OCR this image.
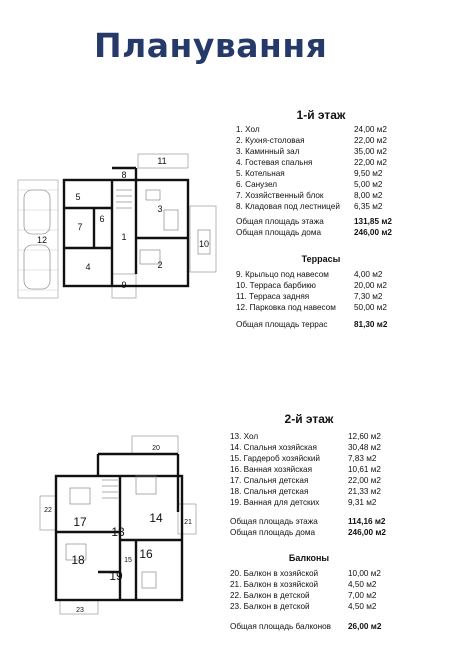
Планування
1
2
3
4
5
6
7
8
9
10
11
12
1-й этаж
1. Хол	24,00 м2
2. Кухня-столовая	22,00 м2
3. Каминный зал	35,00 м2
4. Гостевая спальня	22,00 м2
5. Котельная	9,50 м2
6. Санузел	5,00 м2
7. Хозяйственный блок	8,00 м2
8. Кладовая под лестницей	6,35 м2
Общая площадь этажа	131,85 м2
Общая площадь дома	246,00 м2
Террасы
9. Крыльцо под навесом	4,00 м2
10. Терраса барбикю	20,00 м2
11. Терраса задняя	7,30 м2
12. Парковка под навесом	50,00 м2
Общая площадь террас	81,30 м2
13
14
15 16
17
18
19
20
21
22
23
2-й этаж
13. Хол	12,60 м2
14. Спальня хозяйская	30,48 м2
15. Гардероб хозяйский	7,83 м2
16. Ванная хозяйская	10,61 м2
17. Спальня детская	22,00 м2
18. Спальня детская	21,33 м2
19. Ванная для детских	9,31 м2
Общая площадь этажа	114,16 м2
Общая площадь дома	246,00 м2
Балконы
20. Балкон в хозяйской	10,00 м2
21. Балкон в хозяйской	4,50 м2
22. Балкон в детской	7,00 м2
23. Балкон в детской	4,50 м2
Общая площадь балконов	26,00 м2
